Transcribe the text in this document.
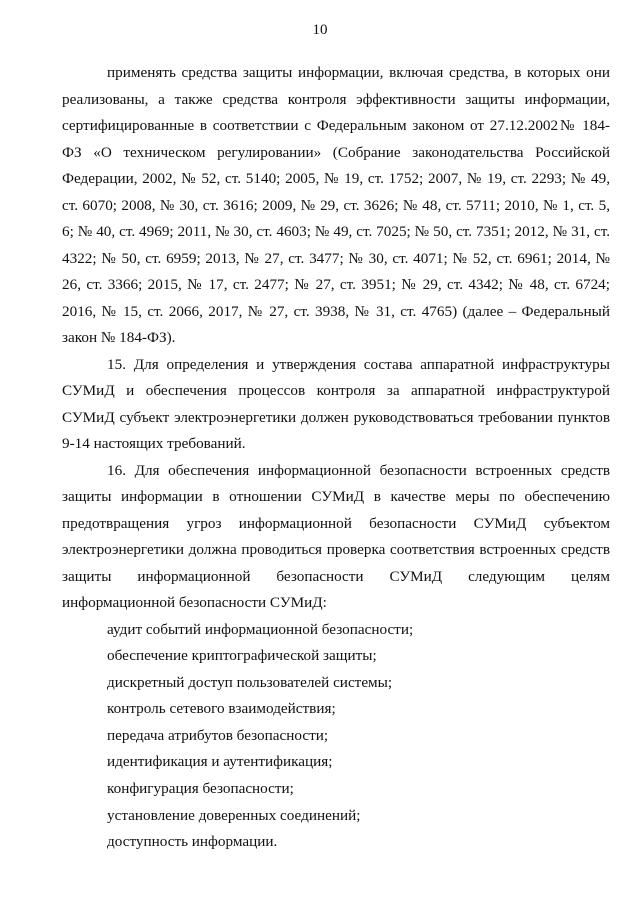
10

применять средства защиты информации, включая средства, в которых они реализованы, а также средства контроля эффективности защиты информации, сертифицированные в соответствии с Федеральным законом от 27.12.2002№ 184-ФЗ «О техническом регулировании» (Собрание законодательства Российской Федерации, 2002, № 52, ст. 5140; 2005, № 19, ст. 1752; 2007, № 19, ст. 2293; № 49, ст. 6070; 2008, № 30, ст. 3616; 2009, № 29, ст. 3626; № 48, ст. 5711; 2010, № 1, ст. 5, 6; № 40, ст. 4969; 2011, № 30, ст. 4603; № 49, ст. 7025; № 50, ст. 7351; 2012, № 31, ст. 4322; № 50, ст. 6959; 2013, № 27, ст. 3477; № 30, ст. 4071; № 52, ст. 6961; 2014, № 26, ст. 3366; 2015, № 17, ст. 2477; № 27, ст. 3951; № 29, ст. 4342; № 48, ст. 6724; 2016, № 15, ст. 2066, 2017, № 27, ст. 3938, № 31, ст. 4765) (далее – Федеральный закон № 184-ФЗ).

15. Для определения и утверждения состава аппаратной инфраструктуры СУМиД и обеспечения процессов контроля за аппаратной инфраструктурой СУМиД субъект электроэнергетики должен руководствоваться требовании пунктов 9-14 настоящих требований.

16. Для обеспечения информационной безопасности встроенных средств защиты информации в отношении СУМиД в качестве меры по обеспечению предотвращения угроз информационной безопасности СУМиД субъектом электроэнергетики должна проводиться проверка соответствия встроенных средств защиты информационной безопасности СУМиД следующим целям информационной безопасности СУМиД:

аудит событий информационной безопасности;
обеспечение криптографической защиты;
дискретный доступ пользователей системы;
контроль сетевого взаимодействия;
передача атрибутов безопасности;
идентификация и аутентификация;
конфигурация безопасности;
установление доверенных соединений;
доступность информации.
